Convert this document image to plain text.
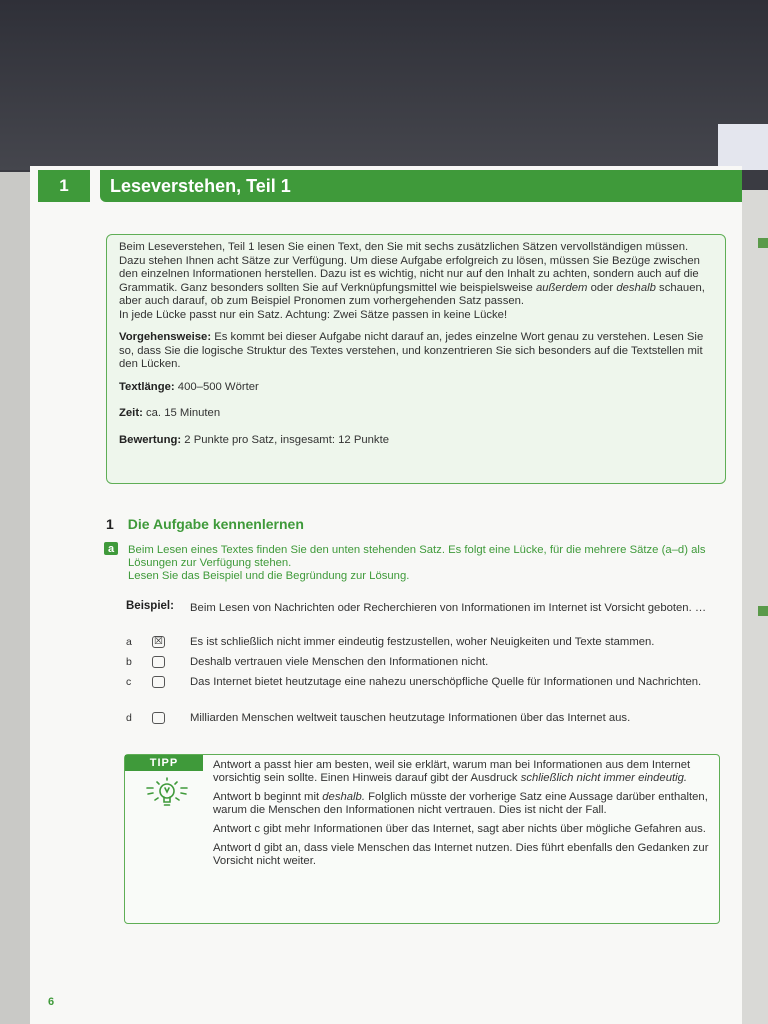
1	Leseverstehen, Teil 1

Beim Leseverstehen, Teil 1 lesen Sie einen Text, den Sie mit sechs zusätzlichen Sätzen vervollständigen müssen. Dazu stehen Ihnen acht Sätze zur Verfügung. Um diese Aufgabe erfolgreich zu lösen, müssen Sie Bezüge zwischen den einzelnen Informationen herstellen. Dazu ist es wichtig, nicht nur auf den Inhalt zu achten, sondern auch auf die Grammatik. Ganz besonders sollten Sie auf Verknüpfungsmittel wie beispielsweise außerdem oder deshalb schauen, aber auch darauf, ob zum Beispiel Pronomen zum vorhergehenden Satz passen.
In jede Lücke passt nur ein Satz. Achtung: Zwei Sätze passen in keine Lücke!

Vorgehensweise: Es kommt bei dieser Aufgabe nicht darauf an, jedes einzelne Wort genau zu verstehen. Lesen Sie so, dass Sie die logische Struktur des Textes verstehen, und konzentrieren Sie sich besonders auf die Textstellen mit den Lücken.

Textlänge: 400–500 Wörter

Zeit: ca. 15 Minuten

Bewertung: 2 Punkte pro Satz, insgesamt: 12 Punkte

1 Die Aufgabe kennenlernen
a	Beim Lesen eines Textes finden Sie den unten stehenden Satz. Es folgt eine Lücke, für die mehrere Sätze (a–d) als Lösungen zur Verfügung stehen.
Lesen Sie das Beispiel und die Begründung zur Lösung.
Beispiel: Beim Lesen von Nachrichten oder Recherchieren von Informationen im Internet ist Vorsicht geboten. …
a	☒ Es ist schließlich nicht immer eindeutig festzustellen, woher Neuigkeiten und Texte stammen.
b	Deshalb vertrauen viele Menschen den Informationen nicht.
c	Das Internet bietet heutzutage eine nahezu unerschöpfliche Quelle für Informationen und Nachrichten.
d	Milliarden Menschen weltweit tauschen heutzutage Informationen über das Internet aus.
TIPP	Antwort a passt hier am besten, weil sie erklärt, warum man bei Informationen aus dem Internet vorsichtig sein sollte. Einen Hinweis darauf gibt der Ausdruck schließlich nicht immer eindeutig.

Antwort b beginnt mit deshalb. Folglich müsste der vorherige Satz eine Aussage darüber enthalten, warum die Menschen den Informationen nicht vertrauen. Dies ist nicht der Fall.

Antwort c gibt mehr Informationen über das Internet, sagt aber nichts über mögliche Gefahren aus.

Antwort d gibt an, dass viele Menschen das Internet nutzen. Dies führt ebenfalls den Gedanken zur Vorsicht nicht weiter.

6
